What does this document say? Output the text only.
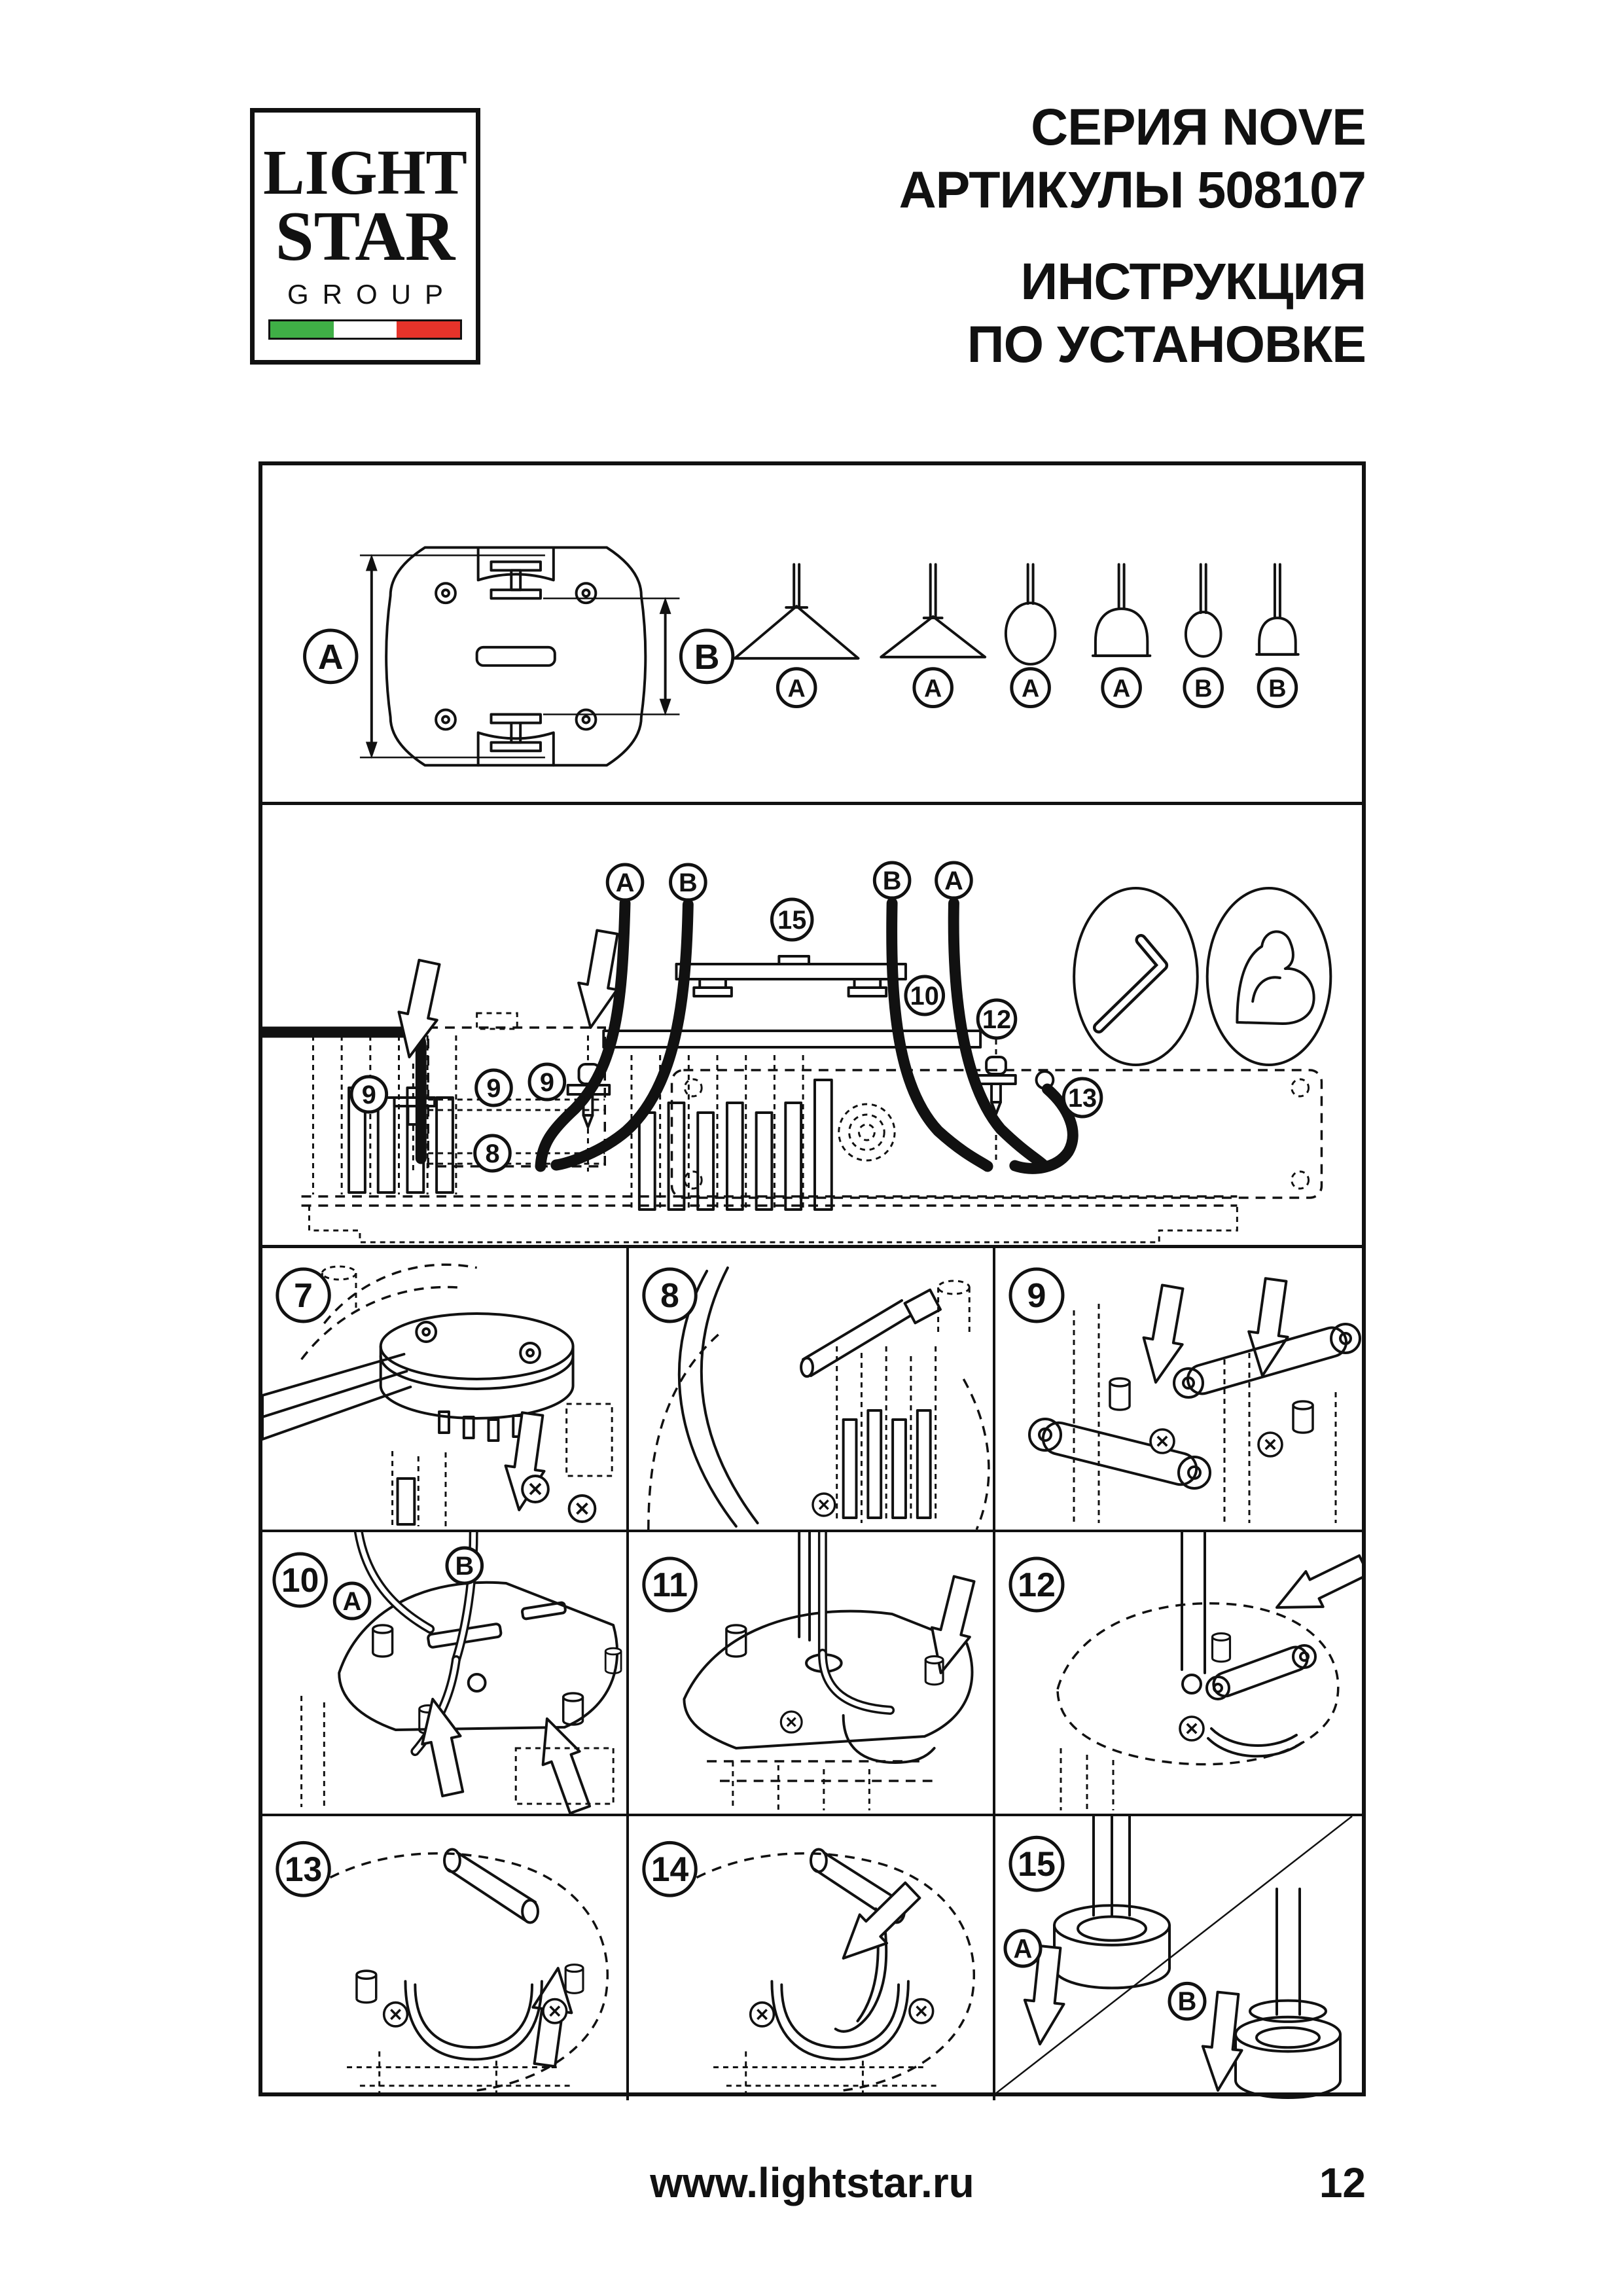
LIGHT
STAR
GROUP
СЕРИЯ NOVE
АРТИКУЛЫ 508107
ИНСТРУКЦИЯ
ПО УСТАНОВКЕ
A	B
A	A	A	A	B B
A B	B A
15
10
12
13
9	9
9
8
7	8	9
10
A
B	11	12
13	14	15
A
B
www.lightstar.ru	12
